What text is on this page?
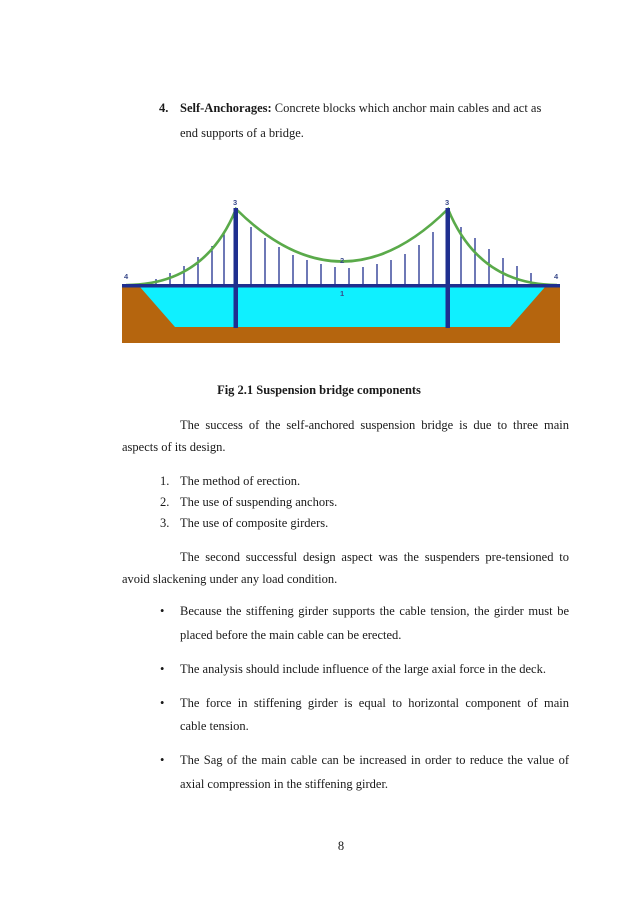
4. Self-Anchorages: Concrete blocks which anchor main cables and act as
end supports of a bridge.
1
2
3	3
4	4
Fig 2.1 Suspension bridge components
The success of the self-anchored suspension bridge is due to three main
aspects of its design.
1. The method of erection.
2. The use of suspending anchors.
3. The use of composite girders.
The second successful design aspect was the suspenders pre-tensioned to
avoid slackening under any load condition.
• Because the stiffening girder supports the cable tension, the girder must be
placed before the main cable can be erected.
• The analysis should include influence of the large axial force in the deck.
• The force in stiffening girder is equal to horizontal component of main
cable tension.
• The Sag of the main cable can be increased in order to reduce the value of
axial compression in the stiffening girder.
8
